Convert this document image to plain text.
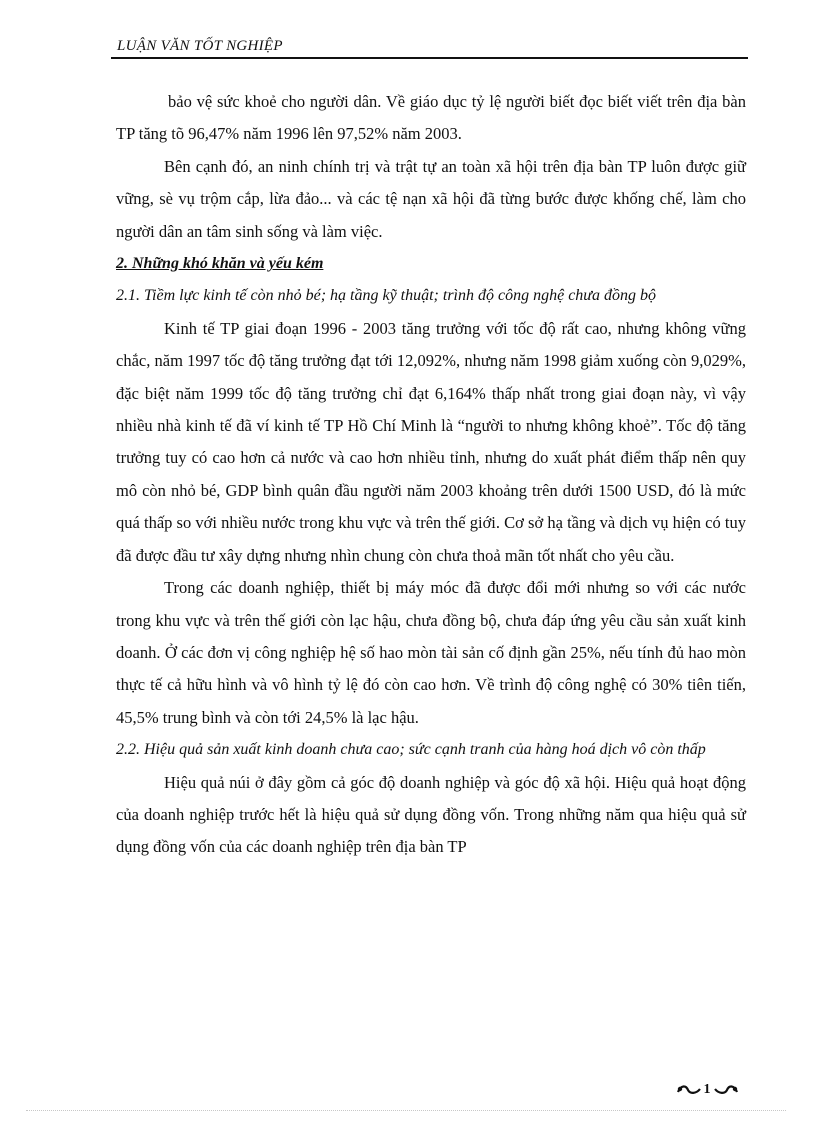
LUẬN VĂN TỐT NGHIỆP

bảo vệ sức khoẻ cho người dân. Về giáo dục tỷ lệ người biết đọc biết viết trên địa bàn TP tăng tõ 96,47% năm 1996 lên 97,52% năm 2003.

Bên cạnh đó, an ninh chính trị và trật tự an toàn xã hội trên địa bàn TP luôn được giữ vững, sè vụ trộm cắp, lừa đảo... và các tệ nạn xã hội đã từng bước được khống chế, làm cho người dân an tâm sinh sống và làm việc.

2. Những khó khăn và yếu kém

2.1. Tiềm lực kinh tế còn nhỏ bé; hạ tầng kỹ thuật; trình độ công nghệ chưa đồng bộ

Kinh tế TP giai đoạn 1996 - 2003 tăng trưởng với tốc độ rất cao, nhưng không vững chắc, năm 1997 tốc độ tăng trưởng đạt tới 12,092%, nhưng năm 1998 giảm xuống còn 9,029%, đặc biệt năm 1999 tốc độ tăng trưởng chỉ đạt 6,164% thấp nhất trong giai đoạn này, vì vậy nhiều nhà kinh tế đã ví kinh tế TP Hồ Chí Minh là “người to nhưng không khoẻ”. Tốc độ tăng trưởng tuy có cao hơn cả nước và cao hơn nhiều tỉnh, nhưng do xuất phát điểm thấp nên quy mô còn nhỏ bé, GDP bình quân đầu người năm 2003 khoảng trên dưới 1500 USD, đó là mức quá thấp so với nhiều nước trong khu vực và trên thế giới. Cơ sở hạ tầng và dịch vụ hiện có tuy đã được đầu tư xây dựng nhưng nhìn chung còn chưa thoả mãn tốt nhất cho yêu cầu.

Trong các doanh nghiệp, thiết bị máy móc đã được đổi mới nhưng so với các nước trong khu vực và trên thế giới còn lạc hậu, chưa đồng bộ, chưa đáp ứng yêu cầu sản xuất kinh doanh. Ở các đơn vị công nghiệp hệ số hao mòn tài sản cố định gần 25%, nếu tính đủ hao mòn thực tế cả hữu hình và vô hình tỷ lệ đó còn cao hơn. Về trình độ công nghệ có 30% tiên tiến, 45,5% trung bình và còn tới 24,5% là lạc hậu.

2.2. Hiệu quả sản xuất kinh doanh chưa cao; sức cạnh tranh của hàng hoá dịch vô còn thấp

Hiệu quả núi ở đây gồm cả góc độ doanh nghiệp và góc độ xã hội. Hiệu quả hoạt động của doanh nghiệp trước hết là hiệu quả sử dụng đồng vốn. Trong những năm qua hiệu quả sử dụng đồng vốn của các doanh nghiệp trên địa bàn TP

1
